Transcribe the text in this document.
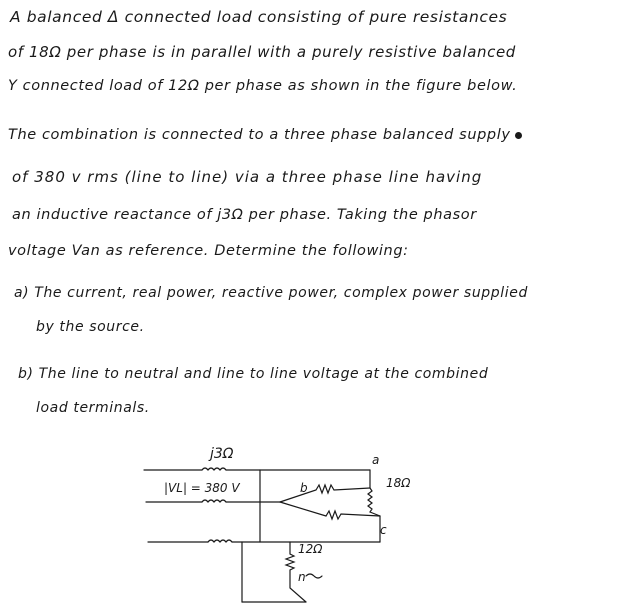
A balanced Δ connected load consisting of pure resistances
of 18Ω per phase is in parallel with a purely resistive balanced
Y connected load of 12Ω per phase as shown in the figure below.
The combination is connected to a three phase balanced supply
of 380 v rms (line to line) via a three phase line having
an inductive reactance of j3Ω per phase. Taking the phasor
voltage Van as reference. Determine the following:
a) The current, real power, reactive power, complex power supplied
by the source.
b) The line to neutral and line to line voltage at the combined
load terminals.
j3Ω
|VL| = 380 V
a
b
c
18Ω
12Ω
n
